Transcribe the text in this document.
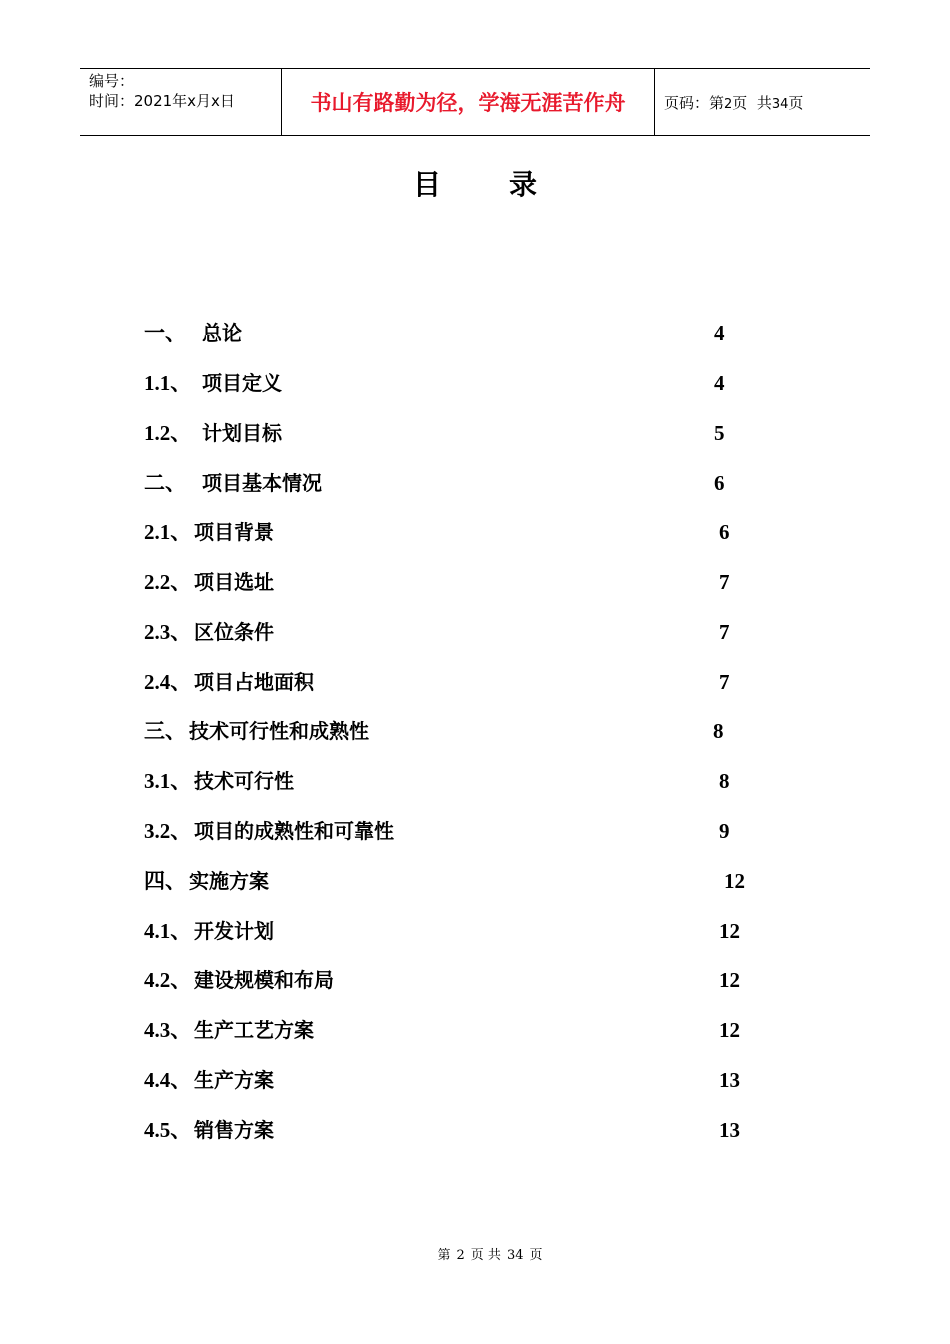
编号：
时间：2021年x月x日	书山有路勤为径，学海无涯苦作舟	页码：第2页  共34页
目录
一、 总论	4
1.1、 项目定义	4
1.2、 计划目标	5
二、 项目基本情况	6
2.1、 项目背景	6
2.2、 项目选址	7
2.3、 区位条件	7
2.4、 项目占地面积	7
三、 技术可行性和成熟性	8
3.1、 技术可行性	8
3.2、 项目的成熟性和可靠性	9
四、 实施方案	12
4.1、 开发计划	12
4.2、 建设规模和布局	12
4.3、 生产工艺方案	12
4.4、 生产方案	13
4.5、 销售方案	13
第 2 页 共 34 页
